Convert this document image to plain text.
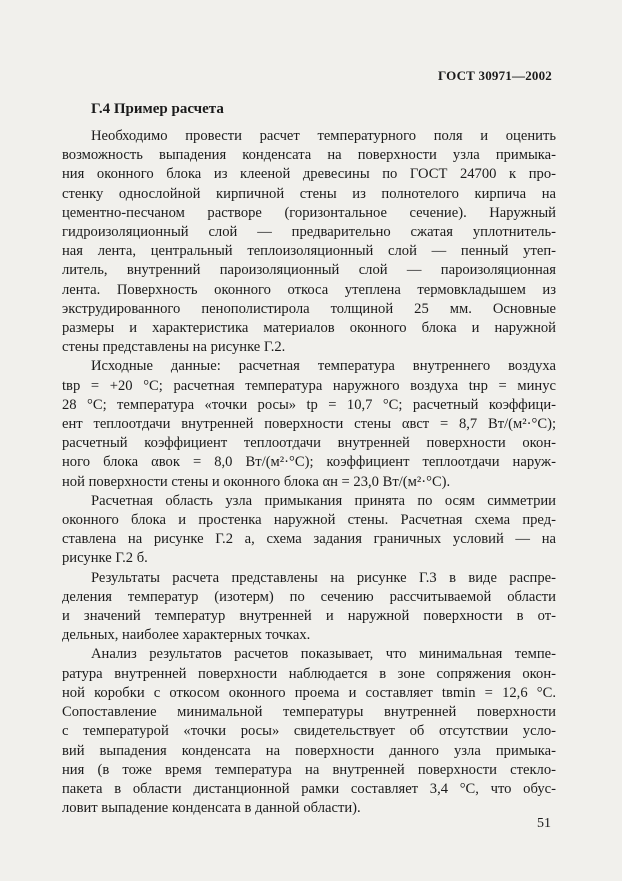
ГОСТ 30971—2002
Г.4 Пример расчета

Необходимо провести расчет температурного поля и оценить
возможность выпадения конденсата на поверхности узла примыка-
ния оконного блока из клееной древесины по ГОСТ 24700 к про-
стенку однослойной кирпичной стены из полнотелого кирпича на
цементно-песчаном растворе (горизонтальное сечение). Наружный
гидроизоляционный слой — предварительно сжатая уплотнитель-
ная лента, центральный теплоизоляционный слой — пенный утеп-
литель, внутренний пароизоляционный слой — пароизоляционная
лента. Поверхность оконного откоса утеплена термовкладышем из
экструдированного пенополистирола толщиной 25 мм. Основные
размеры и характеристика материалов оконного блока и наружной
стены представлены на рисунке Г.2.

Исходные данные: расчетная температура внутреннего воздуха
tвр = +20 °С; расчетная температура наружного воздуха tнр = минус
28 °С; температура «точки росы» tр = 10,7 °С; расчетный коэффици-
ент теплоотдачи внутренней поверхности стены αвст = 8,7 Вт/(м²·°С);
расчетный коэффициент теплоотдачи внутренней поверхности окон-
ного блока αвок = 8,0 Вт/(м²·°С); коэффициент теплоотдачи наруж-
ной поверхности стены и оконного блока αн = 23,0 Вт/(м²·°С).

Расчетная область узла примыкания принята по осям симметрии
оконного блока и простенка наружной стены. Расчетная схема пред-
ставлена на рисунке Г.2 а, схема задания граничных условий — на
рисунке Г.2 б.

Результаты расчета представлены на рисунке Г.3 в виде распре-
деления температур (изотерм) по сечению рассчитываемой области
и значений температур внутренней и наружной поверхности в от-
дельных, наиболее характерных точках.

Анализ результатов расчетов показывает, что минимальная темпе-
ратура внутренней поверхности наблюдается в зоне сопряжения окон-
ной коробки с откосом оконного проема и составляет tвmin = 12,6 °С.
Сопоставление минимальной температуры внутренней поверхности
с температурой «точки росы» свидетельствует об отсутствии усло-
вий выпадения конденсата на поверхности данного узла примыка-
ния (в тоже время температура на внутренней поверхности стекло-
пакета в области дистанционной рамки составляет 3,4 °С, что обус-
ловит выпадение конденсата в данной области).

51
